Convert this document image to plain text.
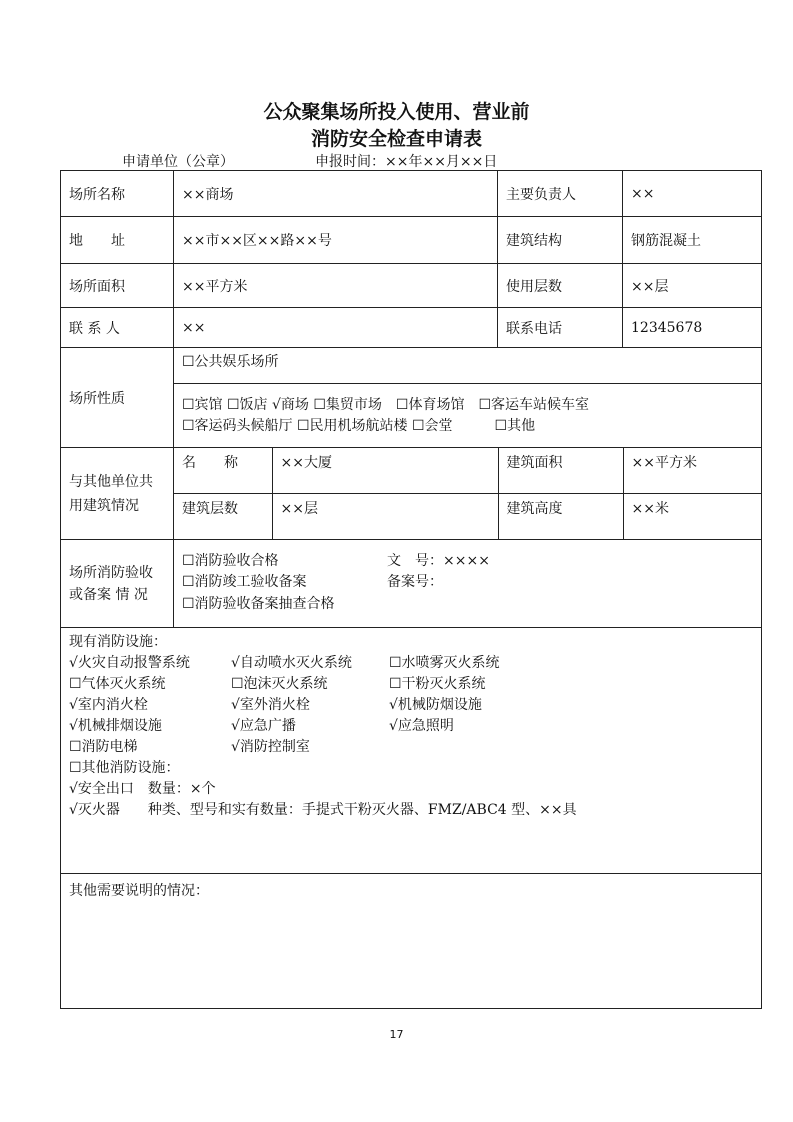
公众聚集场所投入使用、营业前
消防安全检查申请表
申请单位（公章）	申报时间：××年××月××日
场所名称	××商场	主要负责人	××
地　　址	××市××区××路××号	建筑结构	钢筋混凝土
场所面积	××平方米	使用层数	××层
联 系 人	××	联系电话	12345678
场所性质	
☐公共娱乐场所
☐宾馆 ☐饭店 √商场 ☐集贸市场　☐体育场馆　☐客运车站候车室
☐客运码头候船厅 ☐民用机场航站楼 ☐会堂　　　☐其他

与其他单位共用建筑情况	
名　　称	××大厦	建筑面积	××平方米
建筑层数	××层	建筑高度	××米

场所消防验收
或备案 情 况

☐消防验收合格	文　号：××××
☐消防竣工验收备案	备案号：
☐消防验收备案抽查合格

现有消防设施：
√火灾自动报警系统	√自动喷水灭火系统	☐水喷雾灭火系统
☐气体灭火系统	☐泡沫灭火系统	☐干粉灭火系统
√室内消火栓	√室外消火栓	√机械防烟设施
√机械排烟设施	√应急广播	√应急照明
☐消防电梯	√消防控制室
☐其他消防设施：
√安全出口　数量：×个
√灭火器　　种类、型号和实有数量：手提式干粉灭火器、FMZ/ABC4 型、××具

其他需要说明的情况：
17
